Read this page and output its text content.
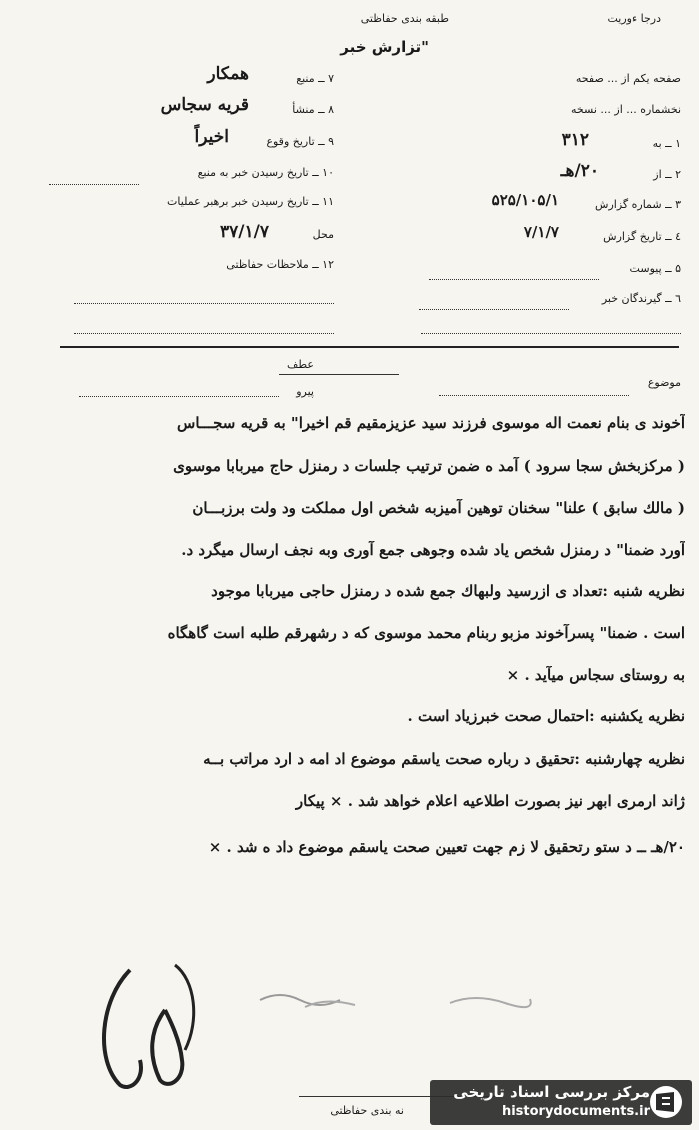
درجا ءوریت
طبقه بندی حفاظتی
"تزارش خبر
صفحه یکم از ... صفحه
نخشماره ... از ... نسخه
۱ ــ به
۳۱۲
۲ ــ از
۲۰/هـ
۳ ــ شماره گزارش
۵۲۵/۱۰۵/۱
٤ ــ تاریخ گزارش
۷/۱/۷
۵ ــ پیوست
٦ ــ گیرندگان خبر
۷ ــ منبع
همکار
۸ ــ منشأ
قریه سجاس
۹ ــ تاریخ وقوع
اخیراً
۱۰ ــ تاریخ رسیدن خبر به منبع
۱۱ ــ تاریخ رسیدن خبر برهبر عملیات
محل
۳۷/۱/۷
۱۲ ــ ملاحظات حفاظتی
موضوع
عطف
پیرو
آخوند ی بنام نعمت اله موسوی فرزند سید عزیزمقیم قم اخیرا" به قریه سجـــاس
( مرکزبخش سجا سرود ) آمد ه ضمن ترتیب جلسات د رمنزل حاج میربابا موسوی
( مالك سابق ) علنا" سخنان توهین آمیزبه شخص اول مملکت ود ولت برزبـــان
آورد ضمنا" د رمنزل شخص یاد شده وجوهی جمع آوری وبه نجف ارسال میگرد د.
نظریه شنبه :تعداد ی ازرسید ولبهاك جمع شده د رمنزل حاجی میربابا موجود
است . ضمنا" پسرآخوند مزبو ربنام محمد موسوی که د رشهرقم طلبه است گاهگاه
به روستای سجاس میآید . ×
نظریه یکشنبه :احتمال صحت خبرزیاد است .
نظریه چهارشنبه :تحقیق د رباره صحت یاسقم موضوع اد امه د ارد مراتب بــه
ژاند ارمری ابهر نیز بصورت اطلاعیه اعلام خواهد شد . × پیکار
۲۰/هـ ــ د ستو رتحقیق لا زم جهت تعیین صحت یاسقم موضوع داد ه شد . ×
نه بندی حفاظتی
مرکز بررسی اسناد تاریخی
historydocuments.ir
